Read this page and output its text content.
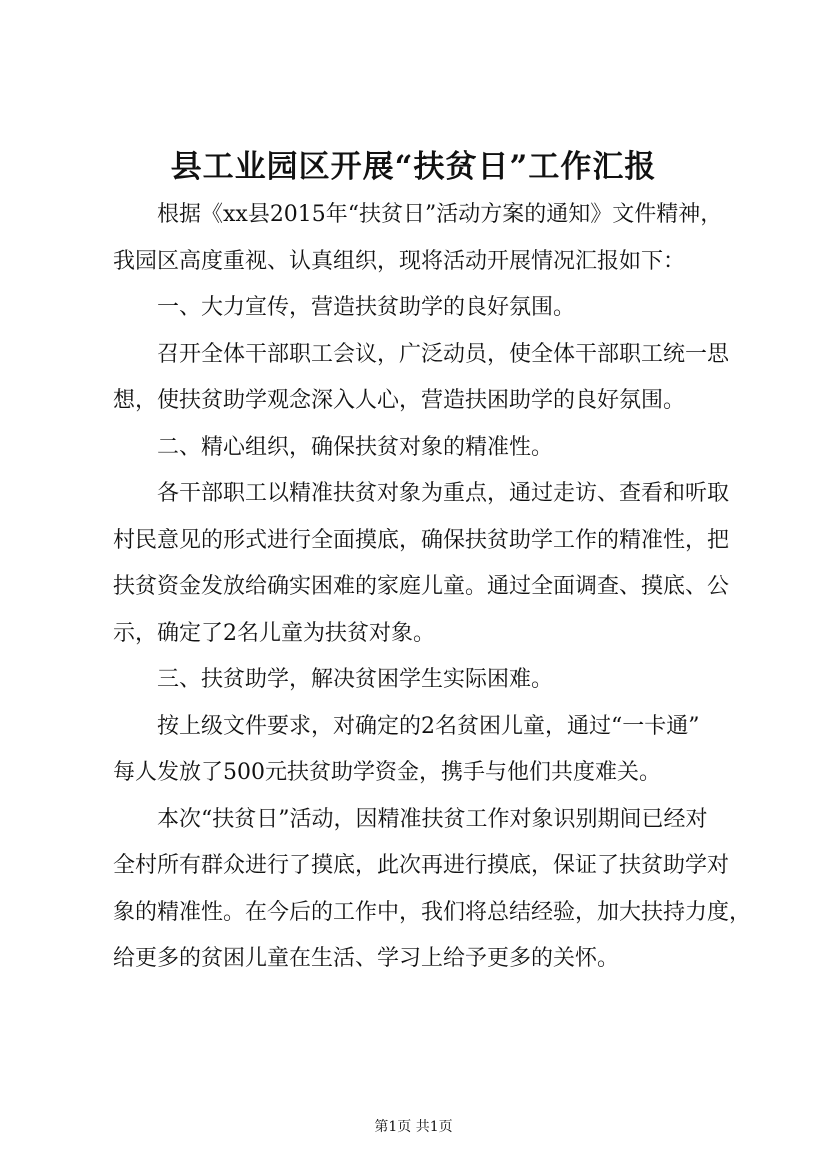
县工业园区开展“扶贫日”工作汇报
根据《xx县2015年“扶贫日”活动方案的通知》文件精神，
我园区高度重视、认真组织，现将活动开展情况汇报如下：
一、大力宣传，营造扶贫助学的良好氛围。
召开全体干部职工会议，广泛动员，使全体干部职工统一思
想，使扶贫助学观念深入人心，营造扶困助学的良好氛围。
二、精心组织，确保扶贫对象的精准性。
各干部职工以精准扶贫对象为重点，通过走访、查看和听取
村民意见的形式进行全面摸底，确保扶贫助学工作的精准性，把
扶贫资金发放给确实困难的家庭儿童。通过全面调查、摸底、公
示，确定了2名儿童为扶贫对象。
三、扶贫助学，解决贫困学生实际困难。
按上级文件要求，对确定的2名贫困儿童，通过“一卡通”
每人发放了500元扶贫助学资金，携手与他们共度难关。
本次“扶贫日”活动，因精准扶贫工作对象识别期间已经对
全村所有群众进行了摸底，此次再进行摸底，保证了扶贫助学对
象的精准性。在今后的工作中，我们将总结经验，加大扶持力度，
给更多的贫困儿童在生活、学习上给予更多的关怀。
第1页 共1页
